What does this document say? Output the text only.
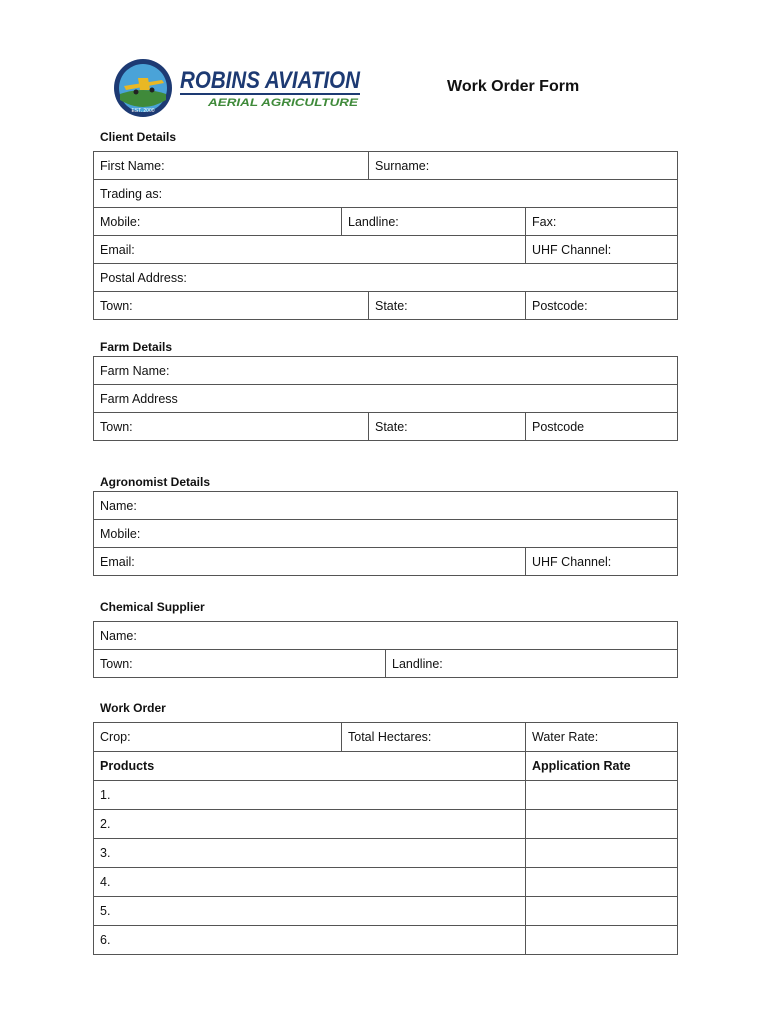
EST. 2000
ROBINS AVIATION
AERIAL AGRICULTURE
Work Order Form
Client Details
First Name:		Surname:	
Trading as:			
Mobile:	Landline:		Fax:
Email:			UHF Channel:
Postal Address:			
Town:		State:	Postcode:
Farm Details
Farm Name:
Farm Address
Town:	State:	Postcode
Agronomist Details
Name:
Mobile:
Email:	UHF Channel:
Chemical Supplier
Name:
Town:	Landline:
Work Order
Crop:	Total Hectares:	Water Rate:
Products		Application Rate
1.		
2.		
3.		
4.		
5.		
6.		
